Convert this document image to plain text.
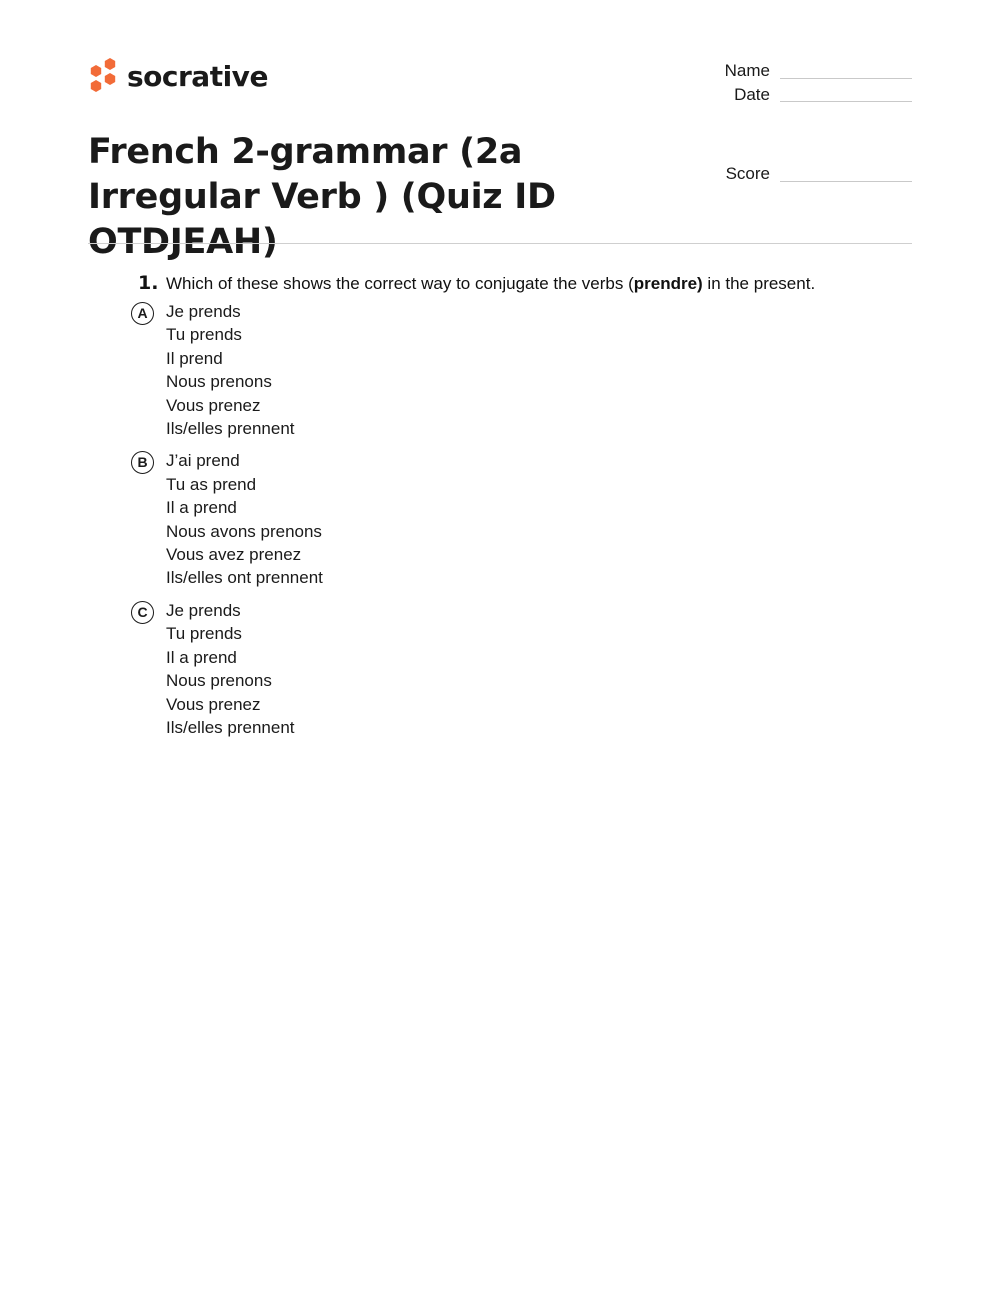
socrative	Name
Date
French 2-grammar (2a Irregular Verb ) (Quiz ID OTDJEAH)
Score
1. Which of these shows the correct way to conjugate the verbs (prendre) in the present.
A	Je prends
Tu prends
Il prend
Nous prenons
Vous prenez
Ils/elles prennent
B	J’ai prend
Tu as prend
Il a prend
Nous avons prenons
Vous avez prenez
Ils/elles ont prennent
C	Je prends
Tu prends
Il a prend
Nous prenons
Vous prenez
Ils/elles prennent
